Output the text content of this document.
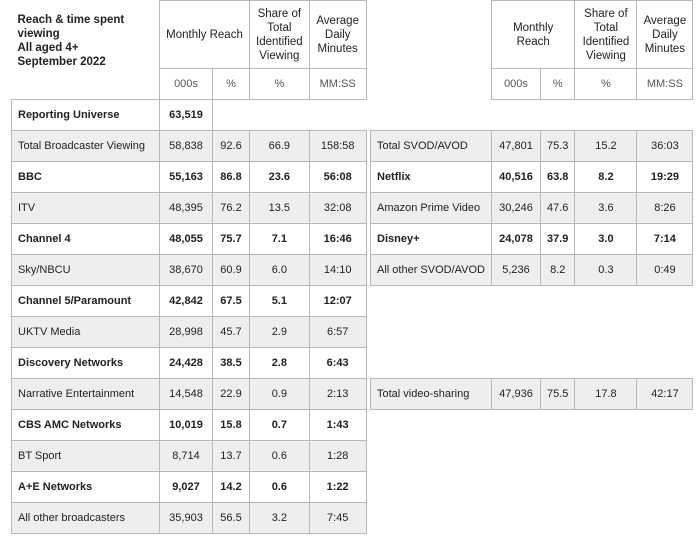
Reach & time spent viewing
All aged 4+
September 2022	Monthly Reach		Share of Total Identified Viewing	Average Daily Minutes
	000s	%	%	MM:SS
Reporting Universe	63,519			
Total Broadcaster Viewing	58,838	92.6	66.9	158:58
BBC	55,163	86.8	23.6	56:08
ITV	48,395	76.2	13.5	32:08
Channel 4	48,055	75.7	7.1	16:46
Sky/NBCU	38,670	60.9	6.0	14:10
Channel 5/Paramount	42,842	67.5	5.1	12:07
UKTV Media	28,998	45.7	2.9	6:57
Discovery Networks	24,428	38.5	2.8	6:43
Narrative Entertainment	14,548	22.9	0.9	2:13
CBS AMC Networks	10,019	15.8	0.7	1:43
BT Sport	8,714	13.7	0.6	1:28
A+E Networks	9,027	14.2	0.6	1:22
All other broadcasters	35,903	56.5	3.2	7:45
	Monthly Reach		Share of Total Identified Viewing	Average Daily Minutes
	000s	%	%	MM:SS

Total SVOD/AVOD	47,801	75.3	15.2	36:03
Netflix	40,516	63.8	8.2	19:29
Amazon Prime Video	30,246	47.6	3.6	8:26
Disney+	24,078	37.9	3.0	7:14
All other SVOD/AVOD	5,236	8.2	0.3	0:49

Total video-sharing	47,936	75.5	17.8	42:17
